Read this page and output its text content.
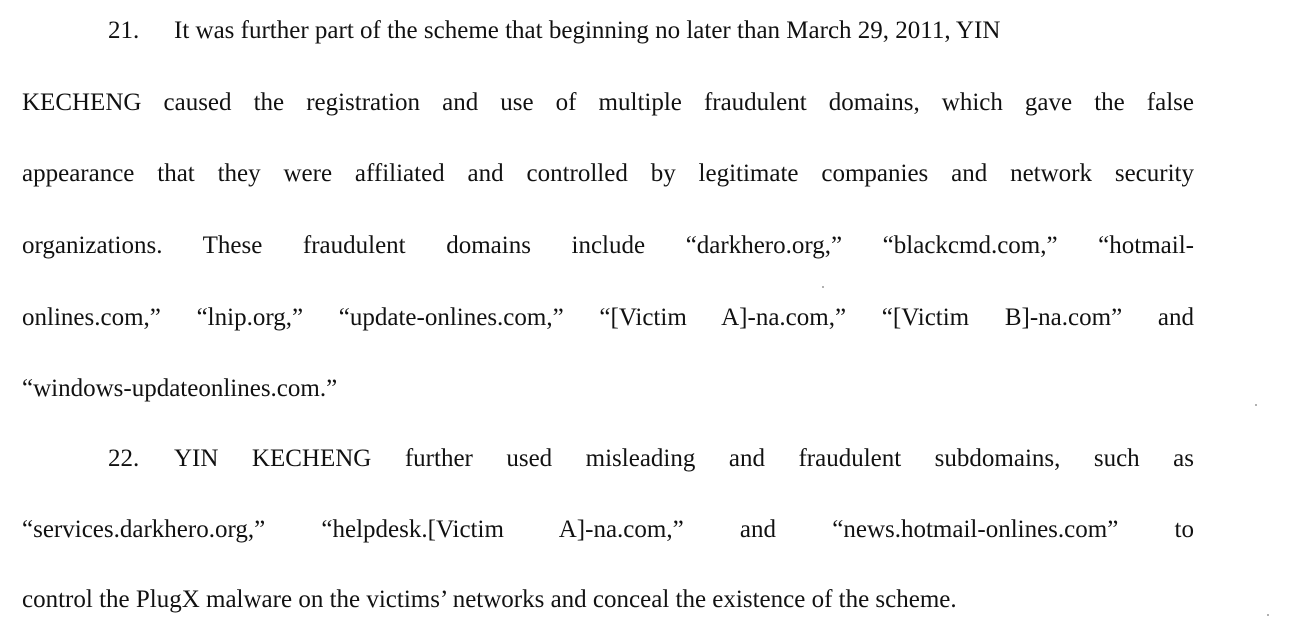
21. It was further part of the scheme that beginning no later than March 29, 2011, YIN
KECHENG caused the registration and use of multiple fraudulent domains, which gave the false
appearance that they were affiliated and controlled by legitimate companies and network security
organizations. These fraudulent domains include “darkhero.org,” “blackcmd.com,” “hotmail-
onlines.com,” “lnip.org,” “update-onlines.com,” “[Victim A]-na.com,” “[Victim B]-na.com” and
“windows-updateonlines.com.”
22.	YIN KECHENG further used misleading and fraudulent subdomains, such as
“services.darkhero.org,” “helpdesk.[Victim A]-na.com,” and “news.hotmail-onlines.com” to
control the PlugX malware on the victims’ networks and conceal the existence of the scheme.
